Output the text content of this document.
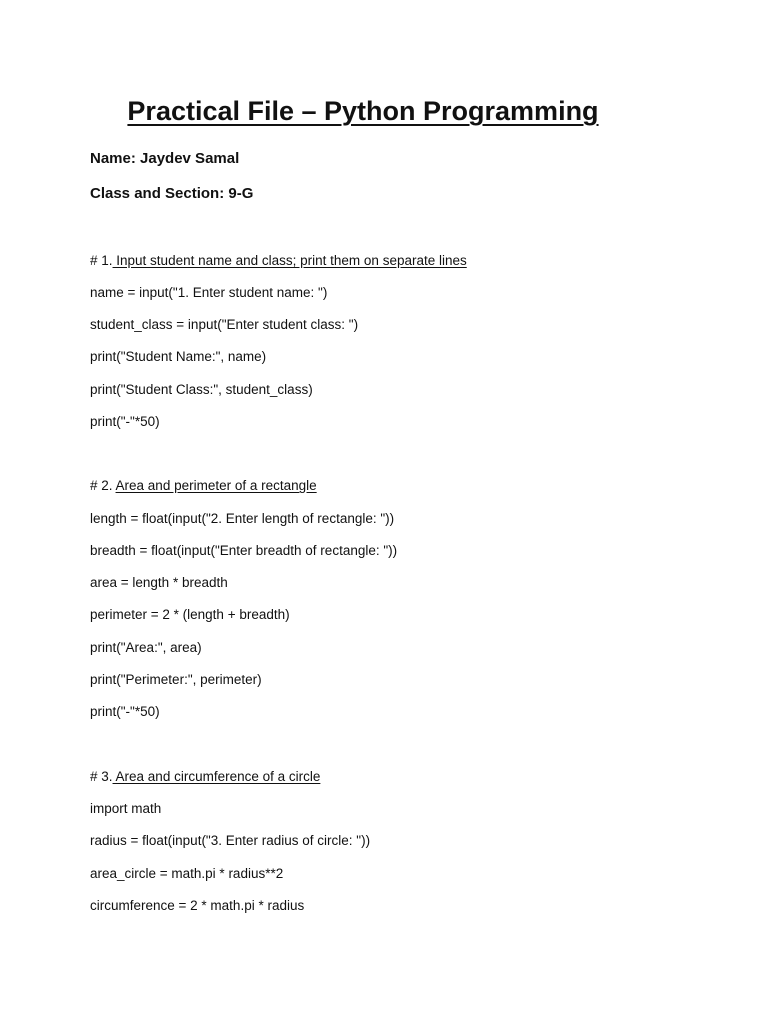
Practical File – Python Programming
Name: Jaydev Samal
Class and Section: 9-G
# 1. Input student name and class; print them on separate lines
name = input("1. Enter student name: ")
student_class = input("Enter student class: ")
print("Student Name:", name)
print("Student Class:", student_class)
print("-"*50)
# 2. Area and perimeter of a rectangle
length = float(input("2. Enter length of rectangle: "))
breadth = float(input("Enter breadth of rectangle: "))
area = length * breadth
perimeter = 2 * (length + breadth)
print("Area:", area)
print("Perimeter:", perimeter)
print("-"*50)
# 3. Area and circumference of a circle
import math
radius = float(input("3. Enter radius of circle: "))
area_circle = math.pi * radius**2
circumference = 2 * math.pi * radius
